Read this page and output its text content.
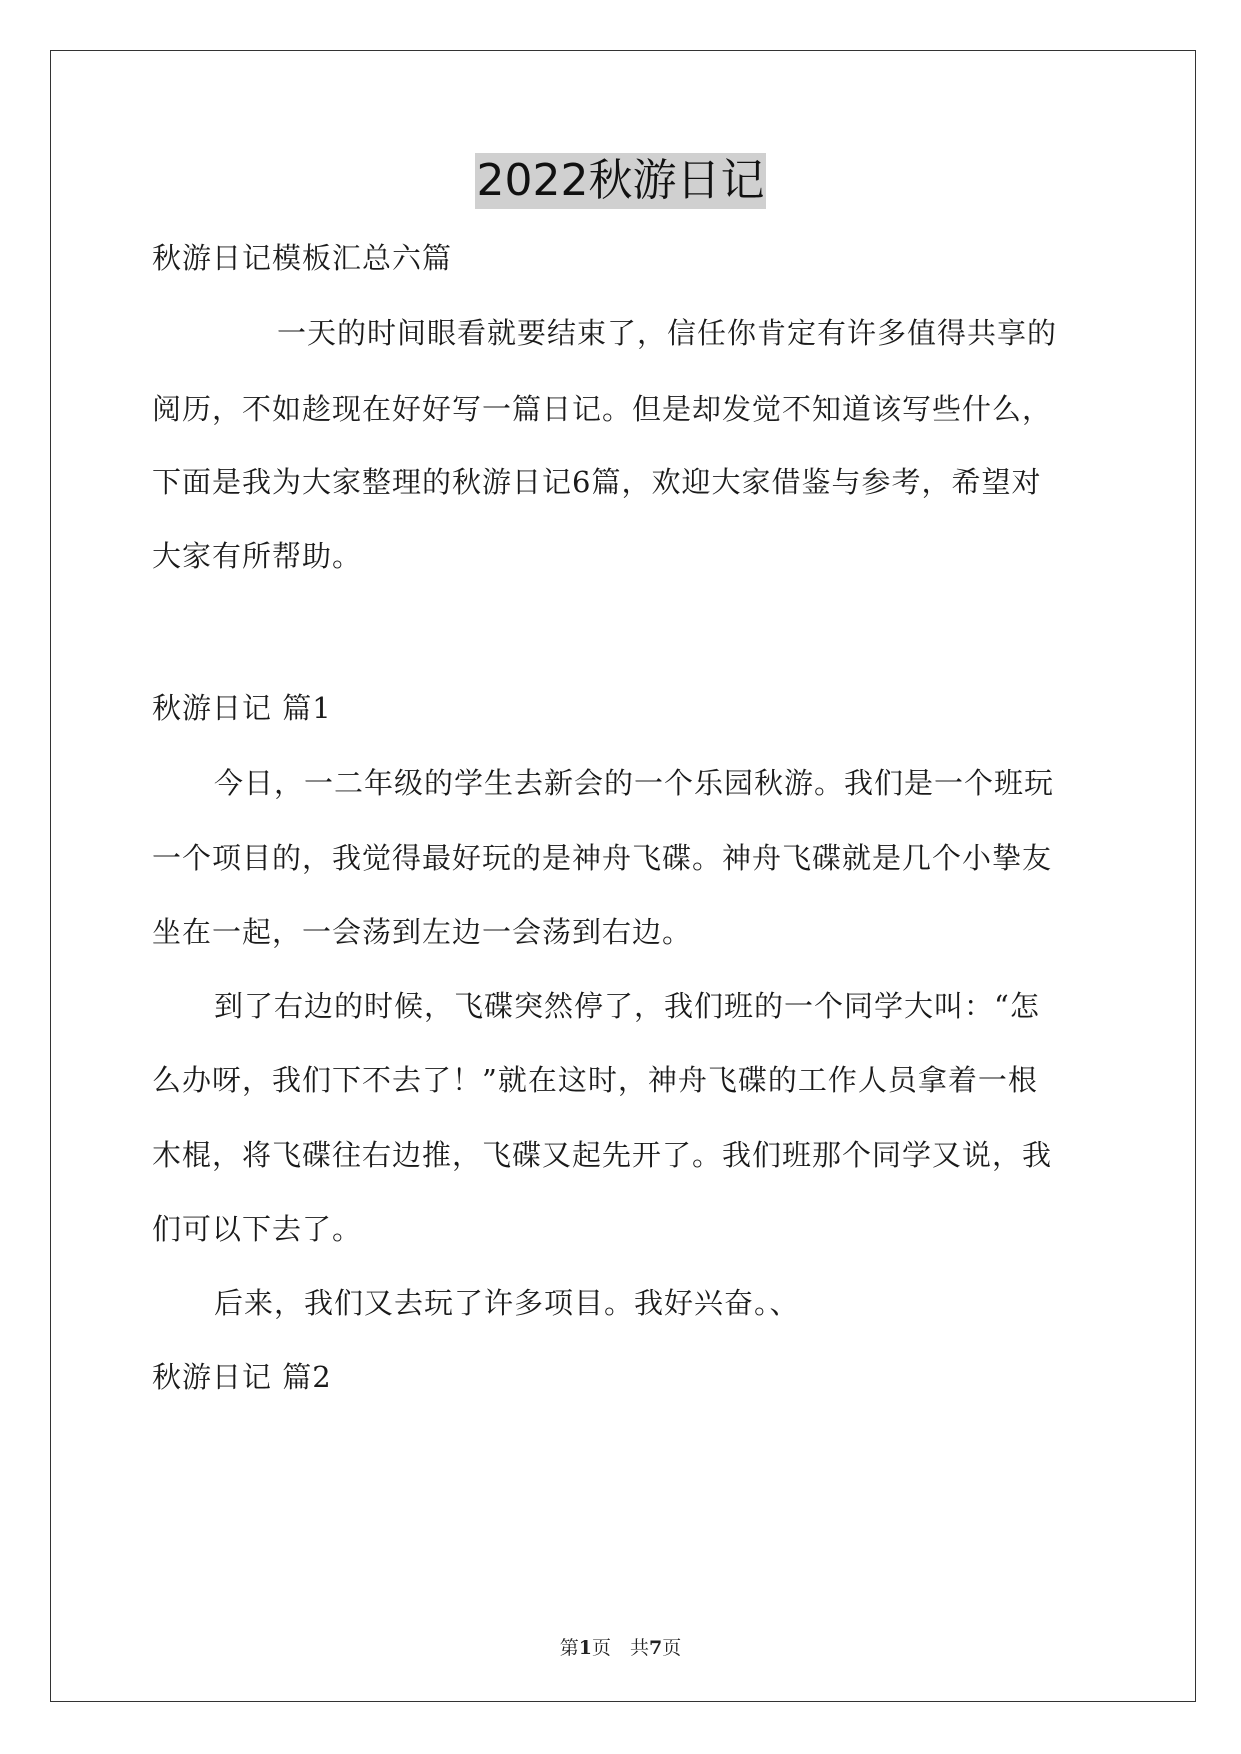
2022秋游日记
秋游日记模板汇总六篇
一天的时间眼看就要结束了，信任你肯定有许多值得共享的
阅历，不如趁现在好好写一篇日记。但是却发觉不知道该写些什么，
下面是我为大家整理的秋游日记6篇，欢迎大家借鉴与参考，希望对
大家有所帮助。
秋游日记 篇1
今日，一二年级的学生去新会的一个乐园秋游。我们是一个班玩
一个项目的，我觉得最好玩的是神舟飞碟。神舟飞碟就是几个小挚友
坐在一起，一会荡到左边一会荡到右边。
到了右边的时候，飞碟突然停了，我们班的一个同学大叫：“怎
么办呀，我们下不去了！”就在这时，神舟飞碟的工作人员拿着一根
木棍，将飞碟往右边推，飞碟又起先开了。我们班那个同学又说，我
们可以下去了。
后来，我们又去玩了许多项目。我好兴奋。、
秋游日记 篇2
第1页　共7页
